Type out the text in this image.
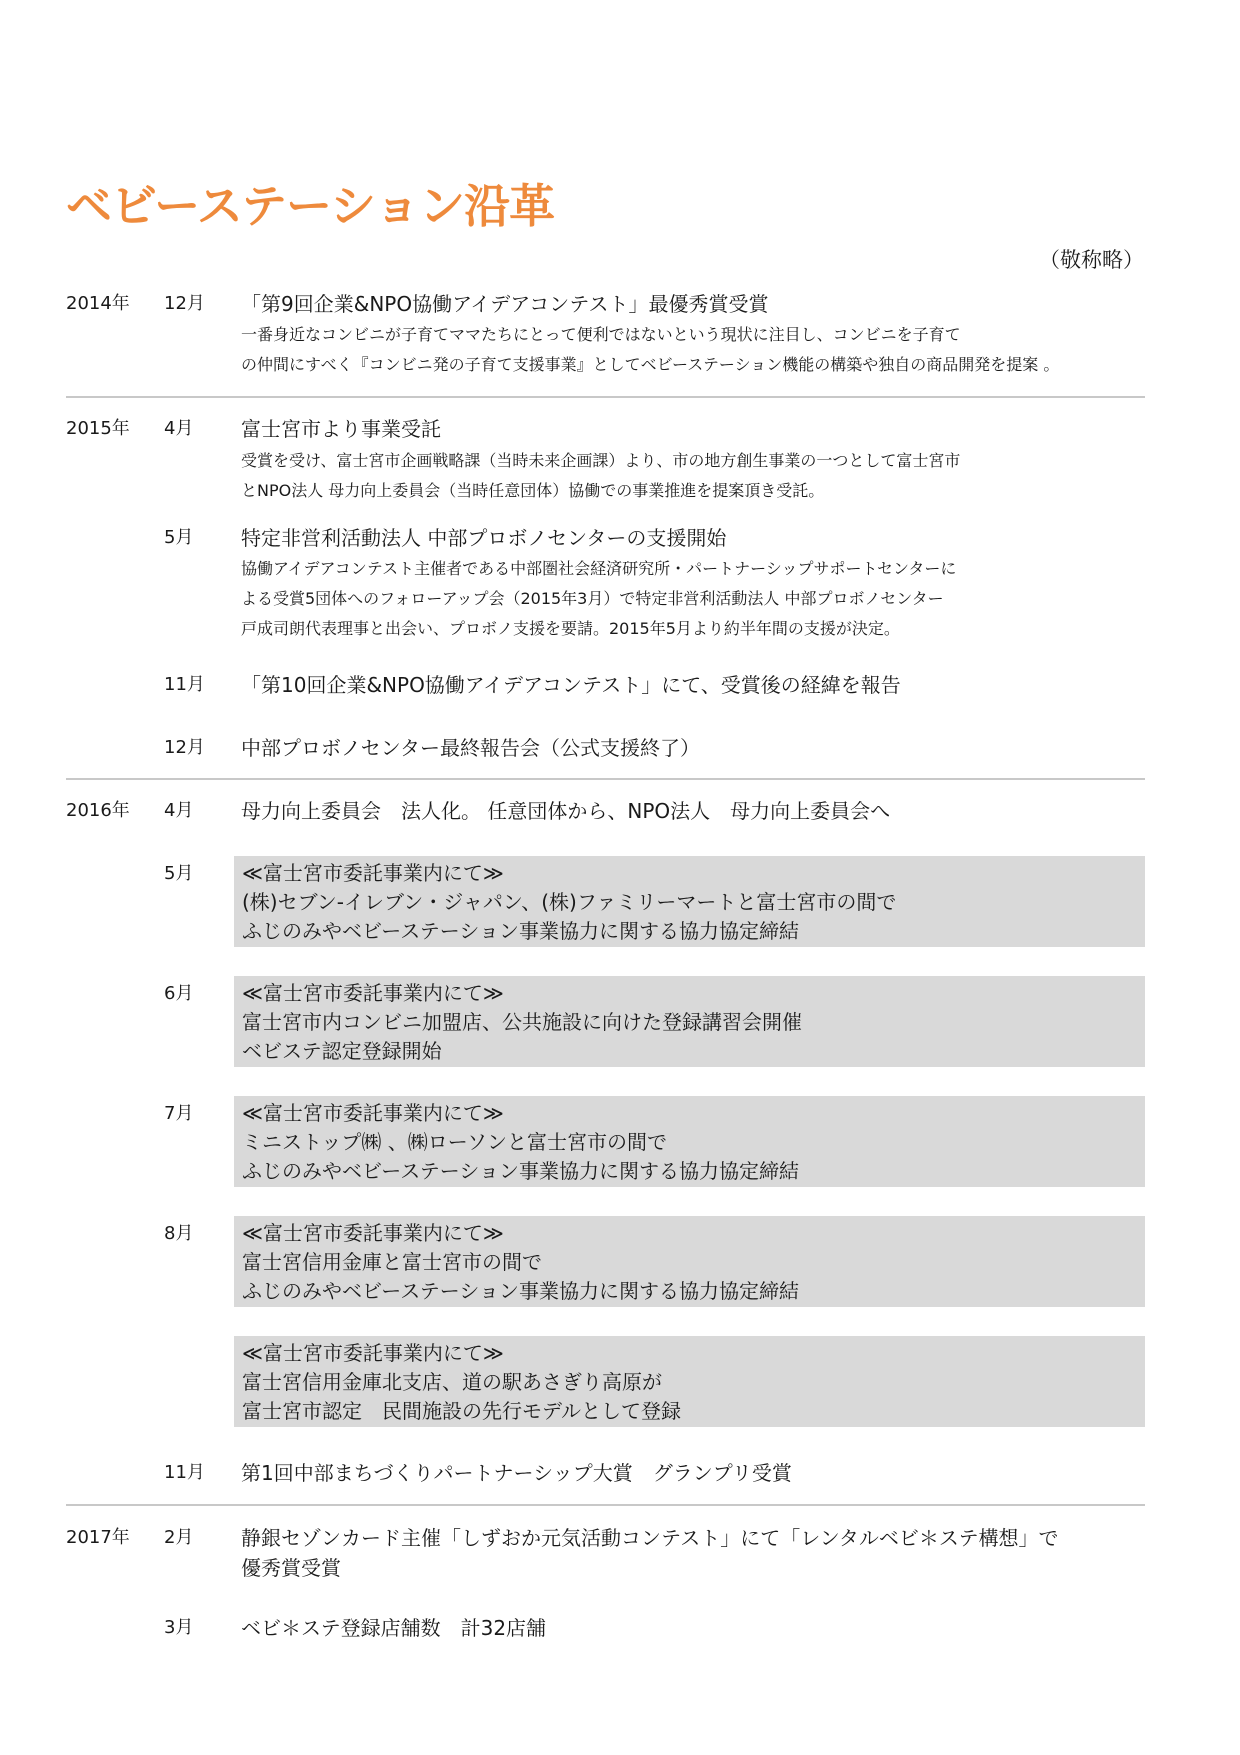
ベビーステーション沿革
（敬称略）
2014年 12月 「第9回企業&NPO協働アイデアコンテスト」最優秀賞受賞
一番身近なコンビニが子育てママたちにとって便利ではないという現状に注目し、コンビニを子育て
の仲間にすべく『コンビニ発の子育て支援事業』としてベビーステーション機能の構築や独自の商品開発を提案 。
2015年 4月 富士宮市より事業受託
受賞を受け、富士宮市企画戦略課（当時未来企画課）より、市の地方創生事業の一つとして富士宮市
とNPO法人 母力向上委員会（当時任意団体）協働での事業推進を提案頂き受託。
5月 特定非営利活動法人 中部プロボノセンターの支援開始
協働アイデアコンテスト主催者である中部圏社会経済研究所・パートナーシップサポートセンターに
よる受賞5団体へのフォローアップ会（2015年3月）で特定非営利活動法人 中部プロボノセンター
戸成司朗代表理事と出会い、プロボノ支援を要請。2015年5月より約半年間の支援が決定。
11月 「第10回企業&NPO協働アイデアコンテスト」にて、受賞後の経緯を報告
12月 中部プロボノセンター最終報告会（公式支援終了）
2016年 4月 母力向上委員会　法人化。 任意団体から、NPO法人　母力向上委員会へ
5月 ≪富士宮市委託事業内にて≫
(株)セブン-イレブン・ジャパン、(株)ファミリーマートと富士宮市の間で
ふじのみやベビーステーション事業協力に関する協力協定締結
6月 ≪富士宮市委託事業内にて≫
富士宮市内コンビニ加盟店、公共施設に向けた登録講習会開催
ベビステ認定登録開始
7月 ≪富士宮市委託事業内にて≫
ミニストップ㈱ 、㈱ローソンと富士宮市の間で
ふじのみやベビーステーション事業協力に関する協力協定締結
8月 ≪富士宮市委託事業内にて≫
富士宮信用金庫と富士宮市の間で
ふじのみやベビーステーション事業協力に関する協力協定締結
≪富士宮市委託事業内にて≫
富士宮信用金庫北支店、道の駅あさぎり高原が
富士宮市認定　民間施設の先行モデルとして登録
11月 第1回中部まちづくりパートナーシップ大賞　グランプリ受賞
2017年 2月 静銀セゾンカード主催「しずおか元気活動コンテスト」にて「レンタルベビ＊ステ構想」で
優秀賞受賞
3月 ベビ＊ステ登録店舗数　計32店舗
